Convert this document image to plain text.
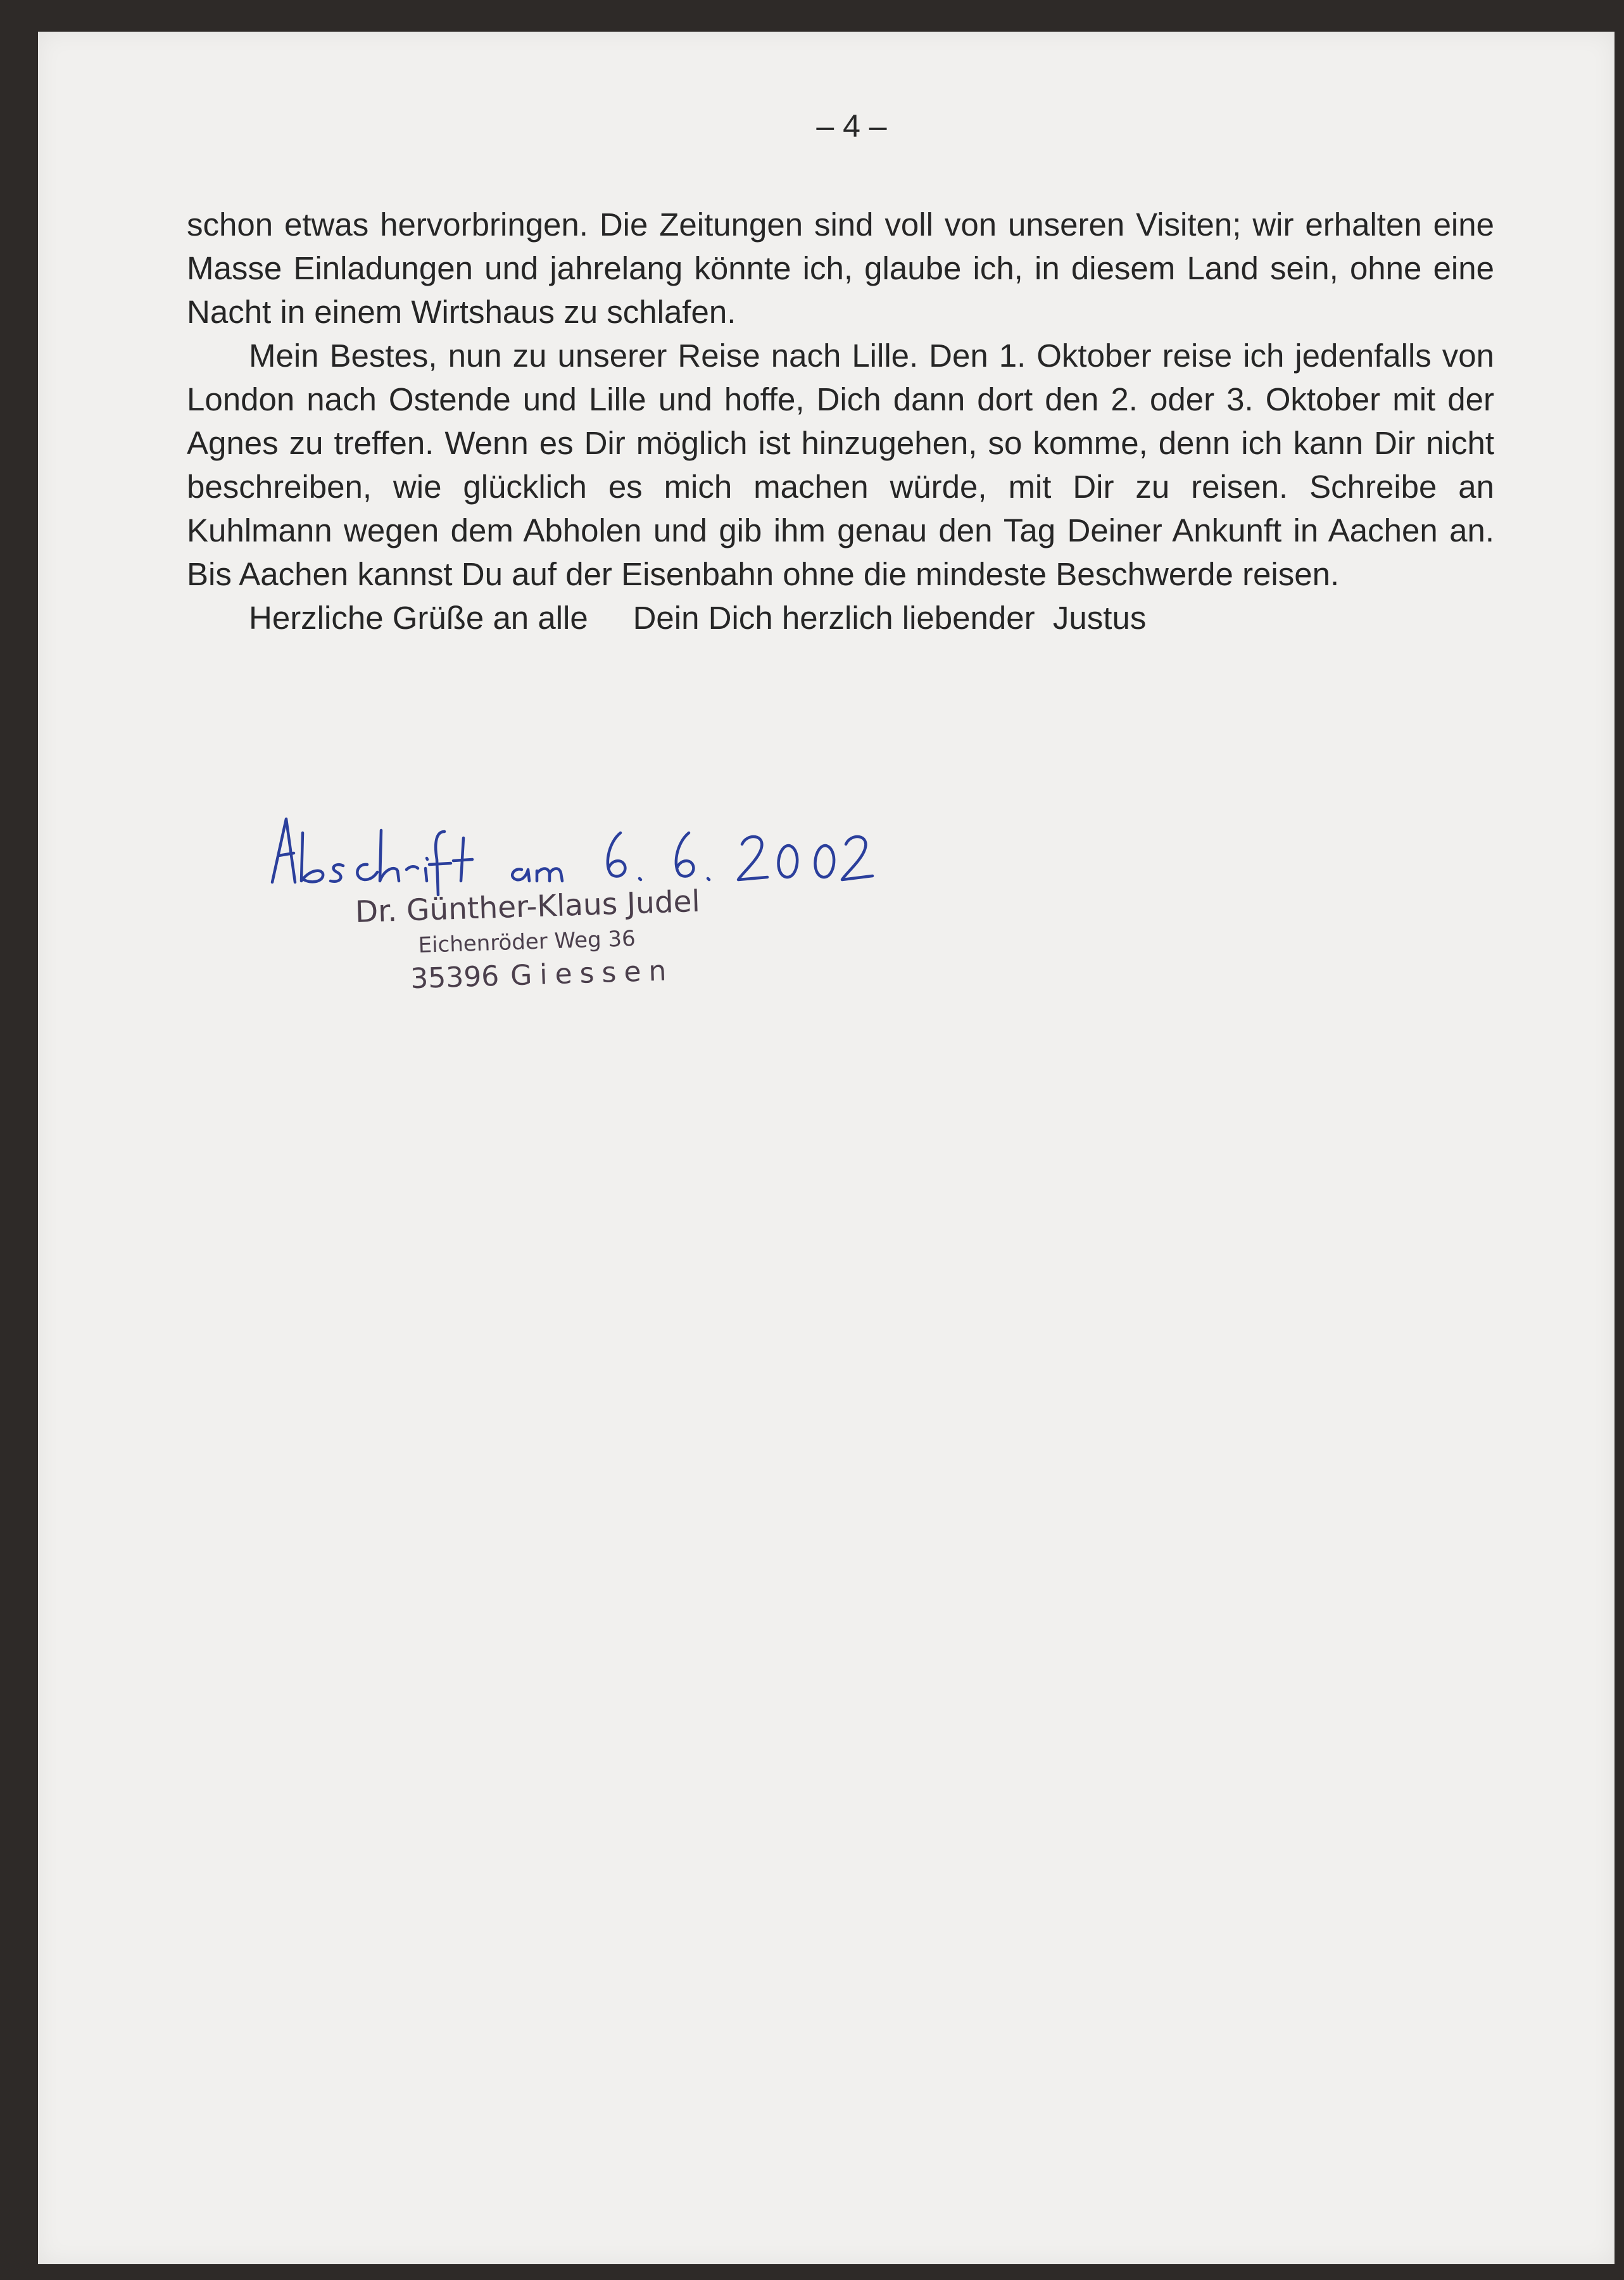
– 4 –

schon etwas hervorbringen. Die Zeitungen sind voll von unseren Visiten; wir erhalten eine Masse Einladungen und jahrelang könnte ich, glaube ich, in diesem Land sein, ohne eine Nacht in einem Wirtshaus zu schlafen.

Mein Bestes, nun zu unserer Reise nach Lille. Den 1. Oktober reise ich jedenfalls von London nach Ostende und Lille und hoffe, Dich dann dort den 2. oder 3. Oktober mit der Agnes zu treffen. Wenn es Dir möglich ist hinzugehen, so komme, denn ich kann Dir nicht beschreiben, wie glücklich es mich machen würde, mit Dir zu reisen. Schreibe an Kuhlmann wegen dem Abholen und gib ihm genau den Tag Deiner Ankunft in Aachen an. Bis Aachen kannst Du auf der Eisenbahn ohne die mindeste Beschwerde reisen.

Herzliche Grüße an alle Dein Dich herzlich liebender  Justus
Dr. Günther-Klaus Judel
Eichenröder Weg 36
35396 Giessen
